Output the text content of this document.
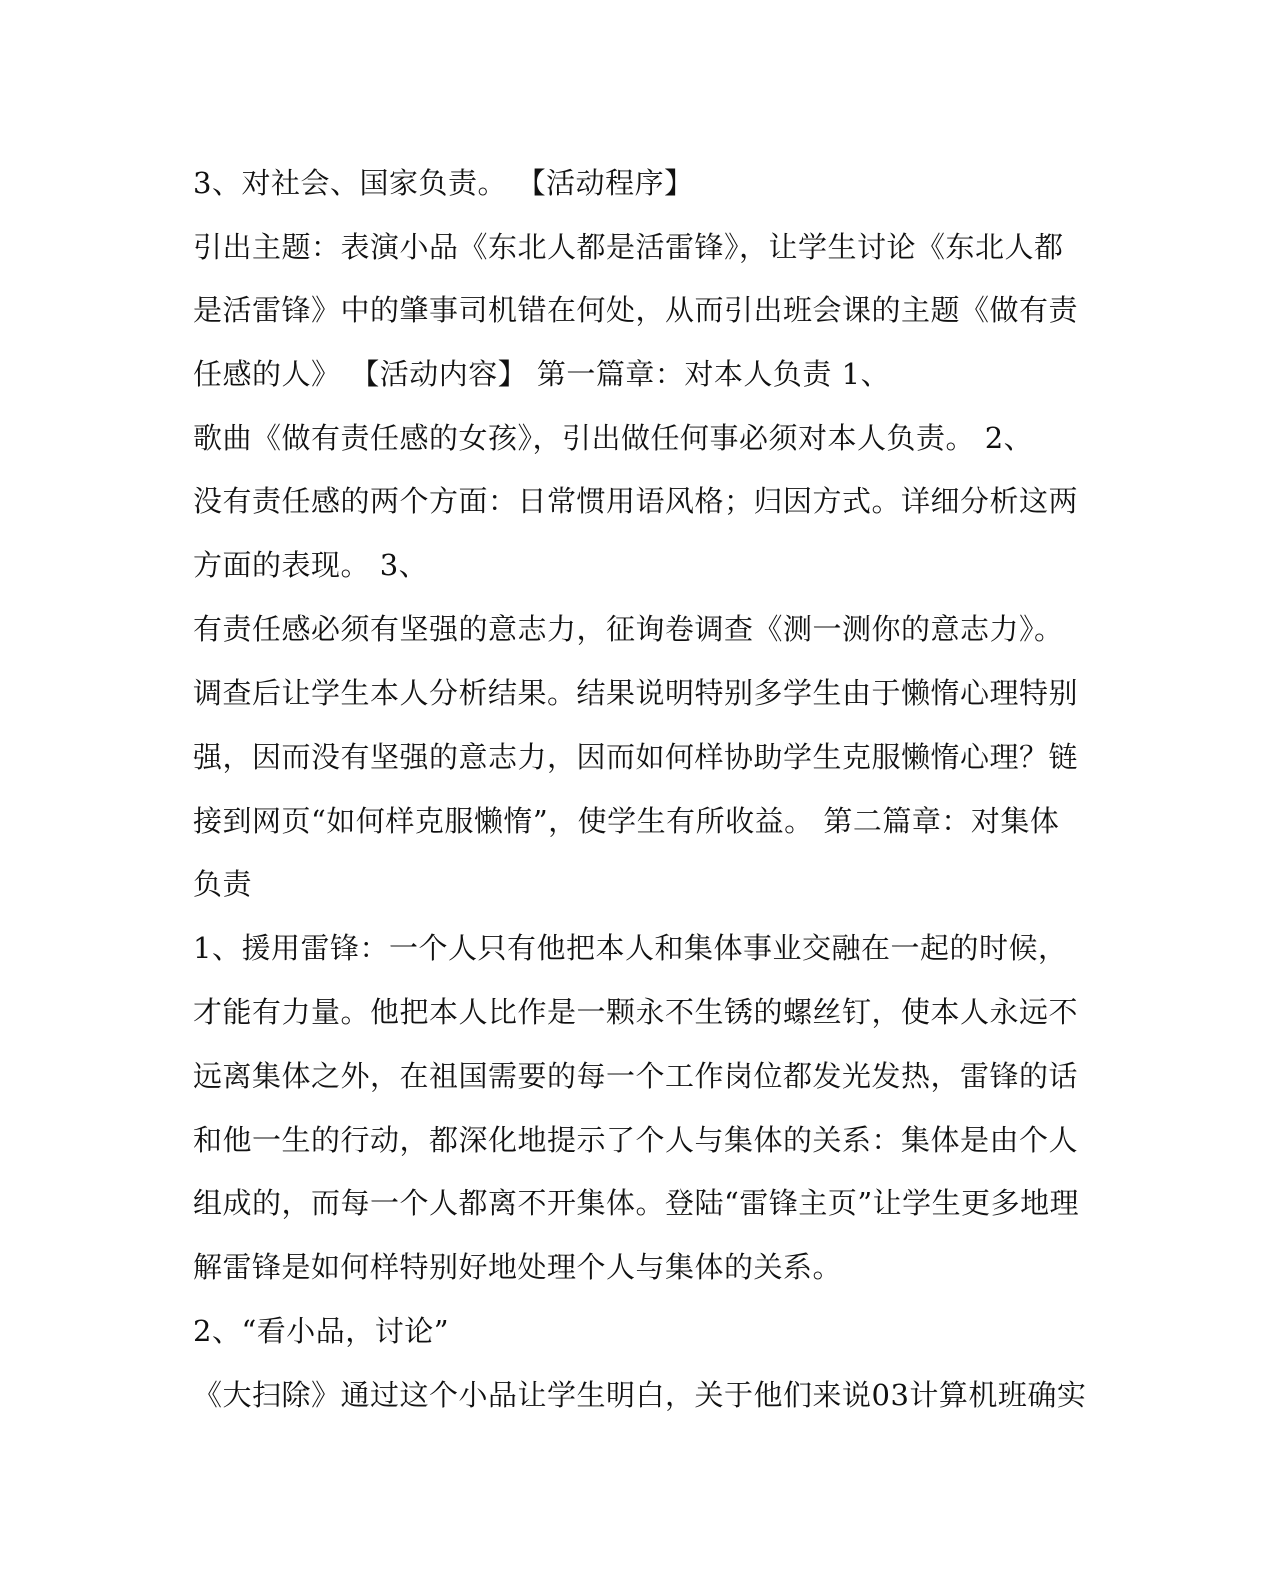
3、对社会、国家负责。 【活动程序】

引出主题：表演小品《东北人都是活雷锋》，让学生讨论《东北人都

是活雷锋》中的肇事司机错在何处，从而引出班会课的主题《做有责

任感的人》 【活动内容】 第一篇章：对本人负责 1、

歌曲《做有责任感的女孩》，引出做任何事必须对本人负责。 2、

没有责任感的两个方面：日常惯用语风格；归因方式。详细分析这两

方面的表现。 3、

有责任感必须有坚强的意志力，征询卷调查《测一测你的意志力》。

调查后让学生本人分析结果。结果说明特别多学生由于懒惰心理特别

强，因而没有坚强的意志力，因而如何样协助学生克服懒惰心理？链

接到网页“如何样克服懒惰”，使学生有所收益。 第二篇章：对集体

负责

1、援用雷锋：一个人只有他把本人和集体事业交融在一起的时候，

才能有力量。他把本人比作是一颗永不生锈的螺丝钉，使本人永远不

远离集体之外，在祖国需要的每一个工作岗位都发光发热，雷锋的话

和他一生的行动，都深化地提示了个人与集体的关系：集体是由个人

组成的，而每一个人都离不开集体。登陆“雷锋主页”让学生更多地理

解雷锋是如何样特别好地处理个人与集体的关系。

2、“看小品，讨论”

《大扫除》通过这个小品让学生明白，关于他们来说03计算机班确实
